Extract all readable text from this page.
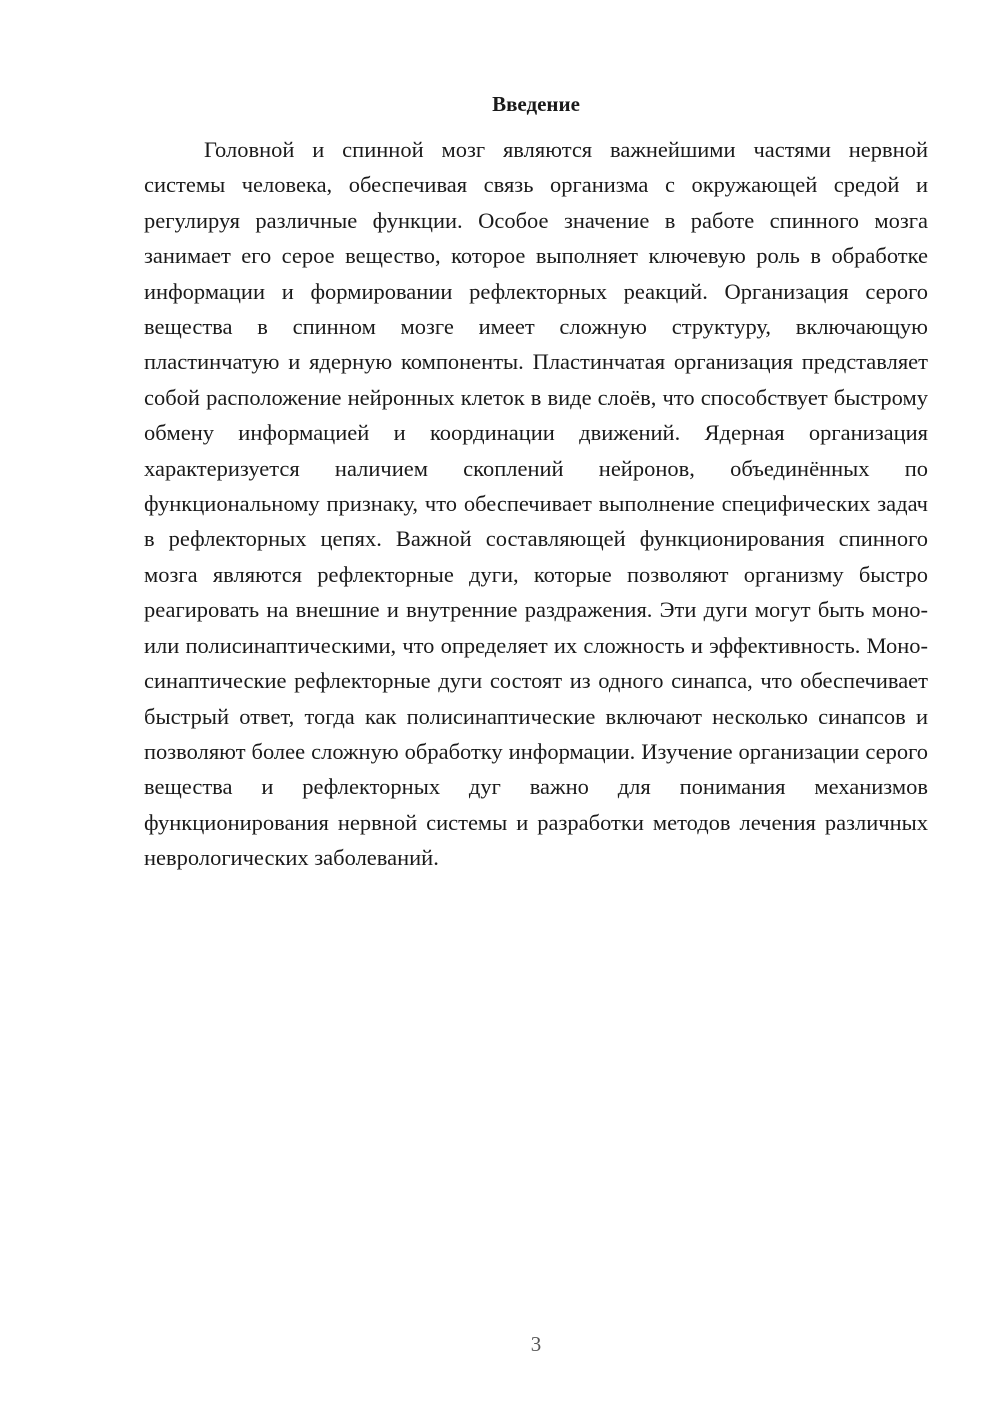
Введение

Головной и спинной мозг являются важнейшими частями нервной системы человека, обеспечивая связь организма с окружающей средой и регулируя различные функции. Особое значение в работе спинного мозга занимает его серое вещество, которое выполняет ключевую роль в обработке информации и формировании рефлекторных реакций. Организация серого вещества в спинном мозге имеет сложную структуру, включающую пластинчатую и ядерную компоненты. Пластинчатая организация представляет собой расположение нейронных клеток в виде слоёв, что способствует быстрому обмену информацией и координации движений. Ядерная организация характеризуется наличием скоплений нейронов, объединённых по функциональному признаку, что обеспечивает выполнение специфических задач в рефлекторных цепях. Важной составляющей функционирования спинного мозга являются рефлекторные дуги, которые позволяют организму быстро реагировать на внешние и внутренние раздражения. Эти дуги могут быть моно- или полисинаптическими, что определяет их сложность и эффективность. Моно-синаптические рефлекторные дуги состоят из одного синапса, что обеспечивает быстрый ответ, тогда как полисинаптические включают несколько синапсов и позволяют более сложную обработку информации. Изучение организации серого вещества и рефлекторных дуг важно для понимания механизмов функционирования нервной системы и разработки методов лечения различных неврологических заболеваний.

3
